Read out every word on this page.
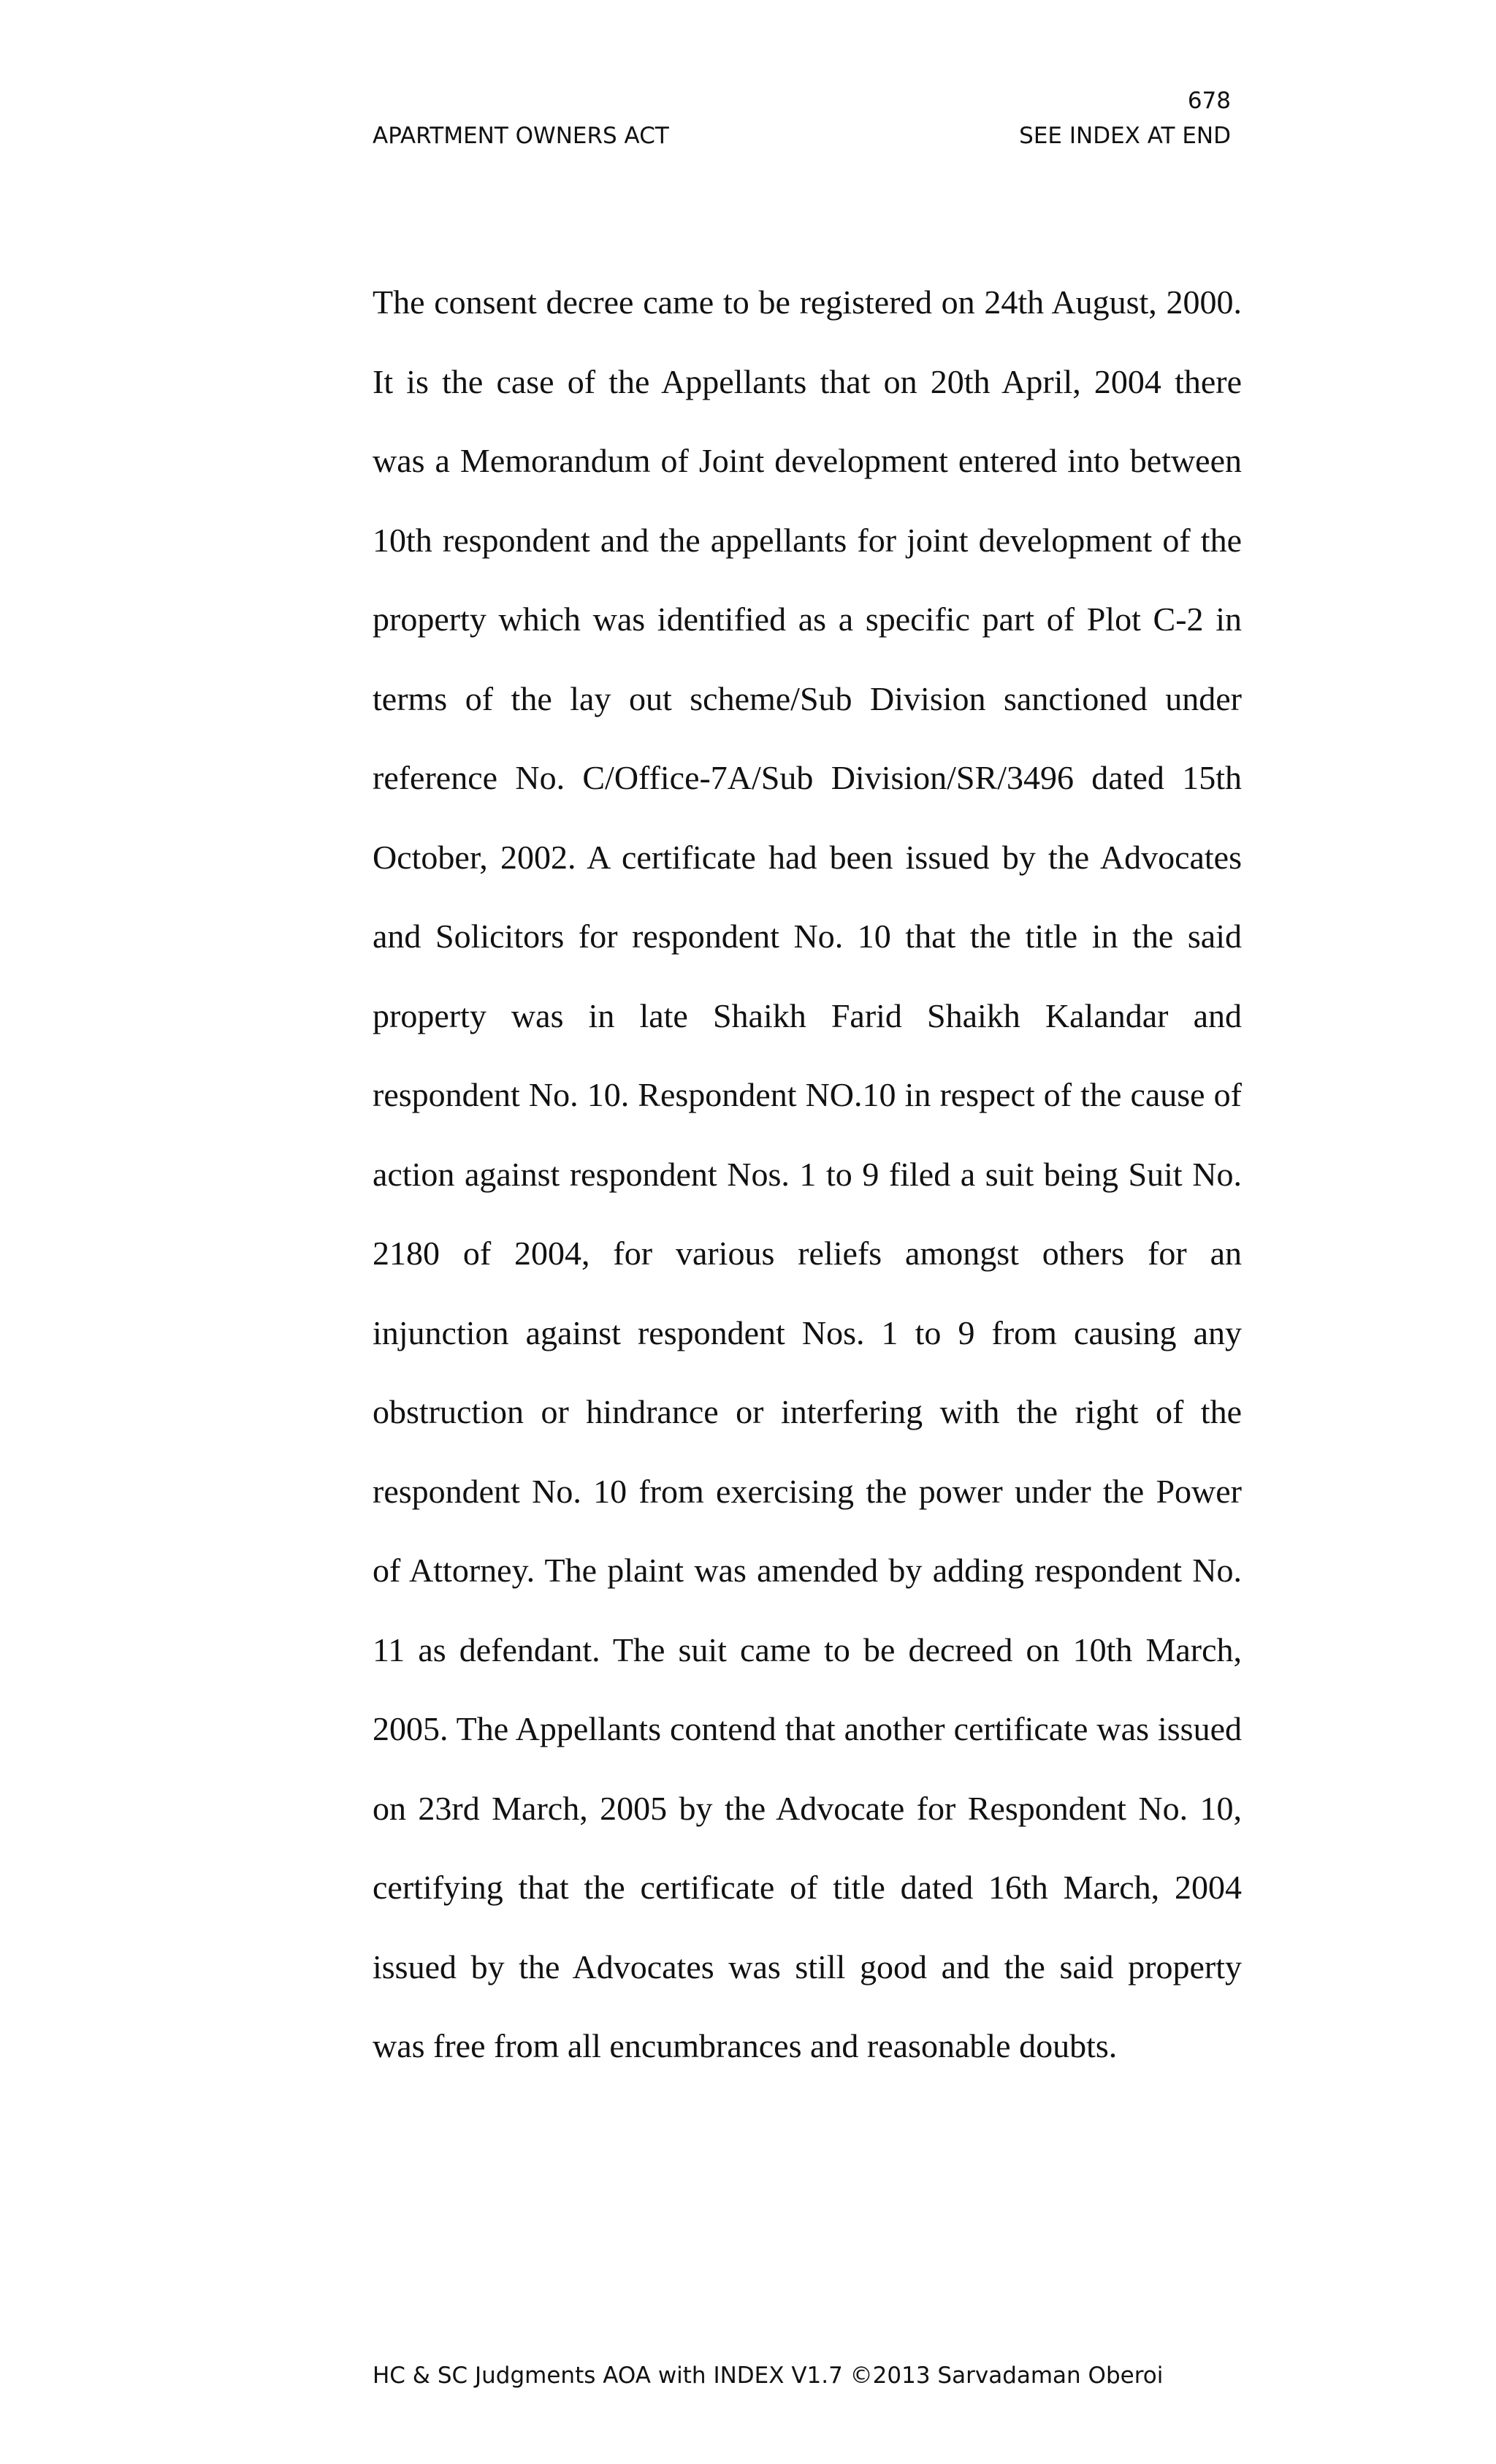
678
APARTMENT OWNERS ACT	SEE INDEX AT END

The consent decree came to be registered on 24th August, 2000. It is the case of the Appellants that on 20th April, 2004 there was a Memorandum of Joint development entered into between 10th respondent and the appellants for joint development of the property which was identified as a specific part of Plot C-2 in terms of the lay out scheme/Sub Division sanctioned under reference No. C/Office-7A/Sub Division/SR/3496 dated 15th October, 2002. A certificate had been issued by the Advocates and Solicitors for respondent No. 10 that the title in the said property was in late Shaikh Farid Shaikh Kalandar and respondent No. 10. Respondent NO.10 in respect of the cause of action against respondent Nos. 1 to 9 filed a suit being Suit No. 2180 of 2004, for various reliefs amongst others for an injunction against respondent Nos. 1 to 9 from causing any obstruction or hindrance or interfering with the right of the respondent No. 10 from exercising the power under the Power of Attorney. The plaint was amended by adding respondent No. 11 as defendant. The suit came to be decreed on 10th March, 2005. The Appellants contend that another certificate was issued on 23rd March, 2005 by the Advocate for Respondent No. 10, certifying that the certificate of title dated 16th March, 2004 issued by the Advocates was still good and the said property was free from all encumbrances and reasonable doubts.

HC & SC Judgments AOA with INDEX V1.7 ©2013 Sarvadaman Oberoi
